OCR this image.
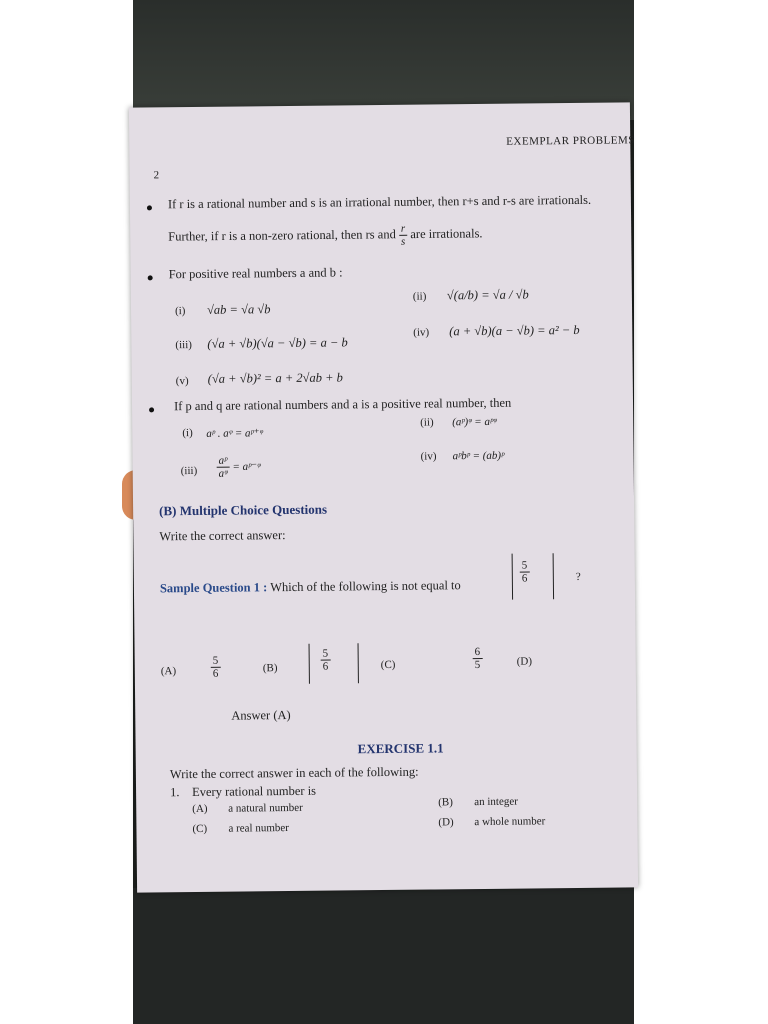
EXEMPLAR PROBLEMS
2
If r is a rational number and s is an irrational number, then r+s and r-s are irrationals.
Further, if r is a non-zero rational, then rs and $\frac{r}{s}$ are irrationals.
For positive real numbers a and b :
(i) √ab = √a √b
(ii) √(a/b) = √a / √b
(iii) (√a + √b)(√a − √b) = a − b
(iv) (a + √b)(a − √b) = a² − b
(v) (√a + √b)² = a + 2√ab + b
If p and q are rational numbers and a is a positive real number, then
(i) aᵖ . aᵠ = aᵖ⁺ᵠ
(ii) (aᵖ)ᵠ = aᵖᵠ
$(iii) \frac{\text{aᵖ}}{\text{aᵠ}}$ = aᵖ⁻ᵠ
(iv) aᵖbᵖ = (ab)ᵖ
(B) Multiple Choice Questions
Write the correct answer:
Sample Question 1 : Which of the following is not equal to
$\frac{5}{6}$	?
(A)	$\frac{5}{6}$	(B)	$\frac{5}{6}$	(C)	$\frac{6}{5}$	(D)
Answer (A)
EXERCISE 1.1
Write the correct answer in each of the following:
1. Every rational number is
(A) a natural number	(B) an integer
(C) a real number	(D) a whole number
